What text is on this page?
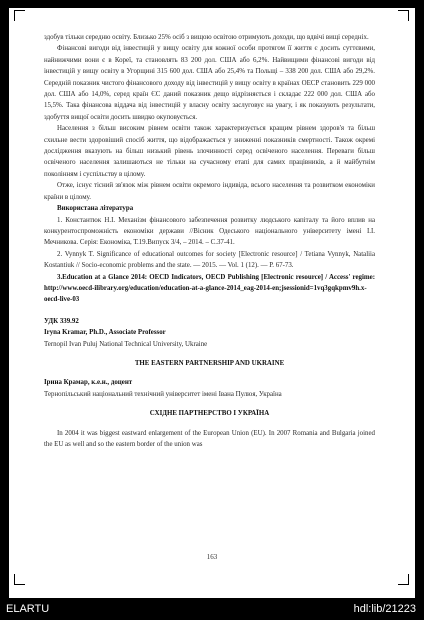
здобув тільки середню освіту. Близько 25% осіб з вищою освітою отримують доходи, що вдвічі вищі середніх.

Фінансові вигоди від інвестицій у вищу освіту для кожної особи протягом її життя є досить суттєвими, найнижчими вони є в Кореї, та становлять 83 200 дол. США або 6,2%. Найвищими фінансові вигоди від інвестицій у вищу освіту в Угорщині 315 600 дол. США або 25,4% та Польщі – 338 200 дол. США або 29,2%. Середній показник чистого фінансового доходу від інвестицій у вищу освіту в країнах ОЕСР становить 229 000 дол. США або 14,0%, серед країн ЄС даний показник дещо відрізняється і складає 222 000 дол. США або 15,5%. Така фінансова віддача від інвестицій у власну освіту заслуговує на увагу, і як показують результати, здобуття вищої освіти досить швидко окуповується.

Населення з більш високим рівнем освіти також характеризується кращим рівнем здоров'я та більш схильне вести здоровіший спосіб життя, що відображається у зниженні показників смертності. Також окремі дослідження вказують на більш низький рівень злочинності серед освіченого населення. Переваги більш освіченого населення залишаються не тільки на сучасному етапі для самих працівників, а й майбутнім поколінням і суспільству в цілому.

Отже, існує тісний зв'язок між рівнем освіти окремого індивіда, всього населення та розвитком економіки країни в цілому.

Використана література

1. Константюк Н.І. Механізм фінансового забезпечення розвитку людського капіталу та його вплив на конкурентоспроможність економіки держави //Вісник Одеського національного університету імені І.І. Мечникова. Серія: Економіка, Т.19.Випуск 3/4, – 2014. – С.37-41.

2. Vynnyk T. Significance of educational outcomes for society [Electronic resource] / Tetiana Vynnyk, Nataliia Kostantiuk // Socio-economic problems and the state. — 2015. — Vol. 1 (12). — P. 67-73.

3.Education at a Glance 2014: OECD Indicators, OECD Publishing [Electronic resource] / Access' regime: http://www.oecd-ilibrary.org/education/education-at-a-glance-2014_eag-2014-en;jsessionid=1vq3gqkpmv9h.x-oecd-live-03

УДК 339.92

Iryna Kramar, Ph.D., Associate Professor

Ternopil Ivan Puluj National Technical University, Ukraine

THE EASTERN PARTNERSHIP AND UKRAINE

Ірина Крамар, к.е.н., доцент

Тернопільський національний технічний університет імені Івана Пулюя, Україна

СХІДНЕ ПАРТНЕРСТВО І УКРАЇНА

In 2004 it was biggest eastward enlargement of the European Union (EU). In 2007 Romania and Bulgaria joined the EU as well and so the eastern border of the union was

163
ELARTU	hdl:lib/21223
